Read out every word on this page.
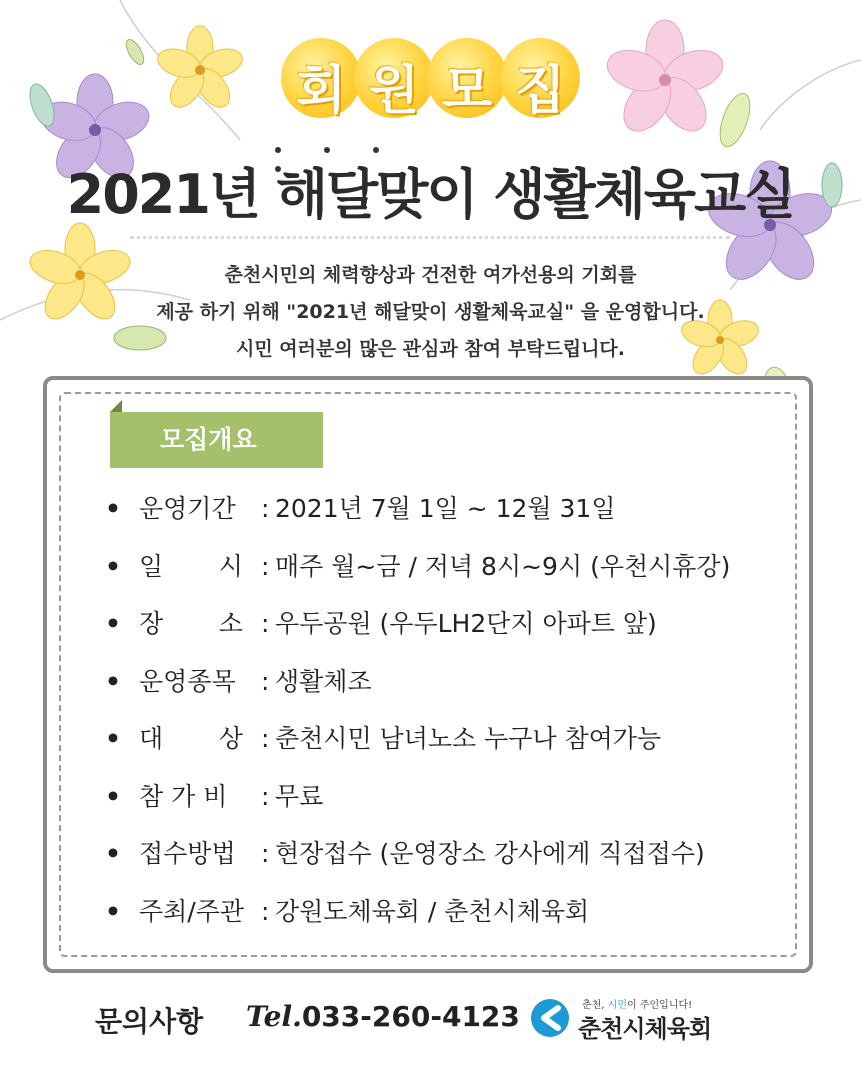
회
원
모
집
2021년 해달맞이 생활체육교실
춘천시민의 체력향상과 건전한 여가선용의 기회를
제공 하기 위해 "2021년 해달맞이 생활체육교실" 을 운영합니다.
시민 여러분의 많은 관심과 참여 부탁드립니다.
모집개요
• 운영기간 : 2021년 7월 1일 ~ 12월 31일
• 일       시 : 매주 월~금 / 저녁 8시~9시 (우천시휴강)
• 장       소 : 우두공원 (우두LH2단지 아파트 앞)
• 운영종목 : 생활체조
• 대       상 : 춘천시민 남녀노소 누구나 참여가능
• 참 가 비 : 무료
• 접수방법 : 현장접수 (운영장소 강사에게 직접접수)
• 주최/주관 : 강원도체육회 / 춘천시체육회
문의사항 Tel.033-260-4123	춘천, 시민이 주인입니다!
춘천시체육회
